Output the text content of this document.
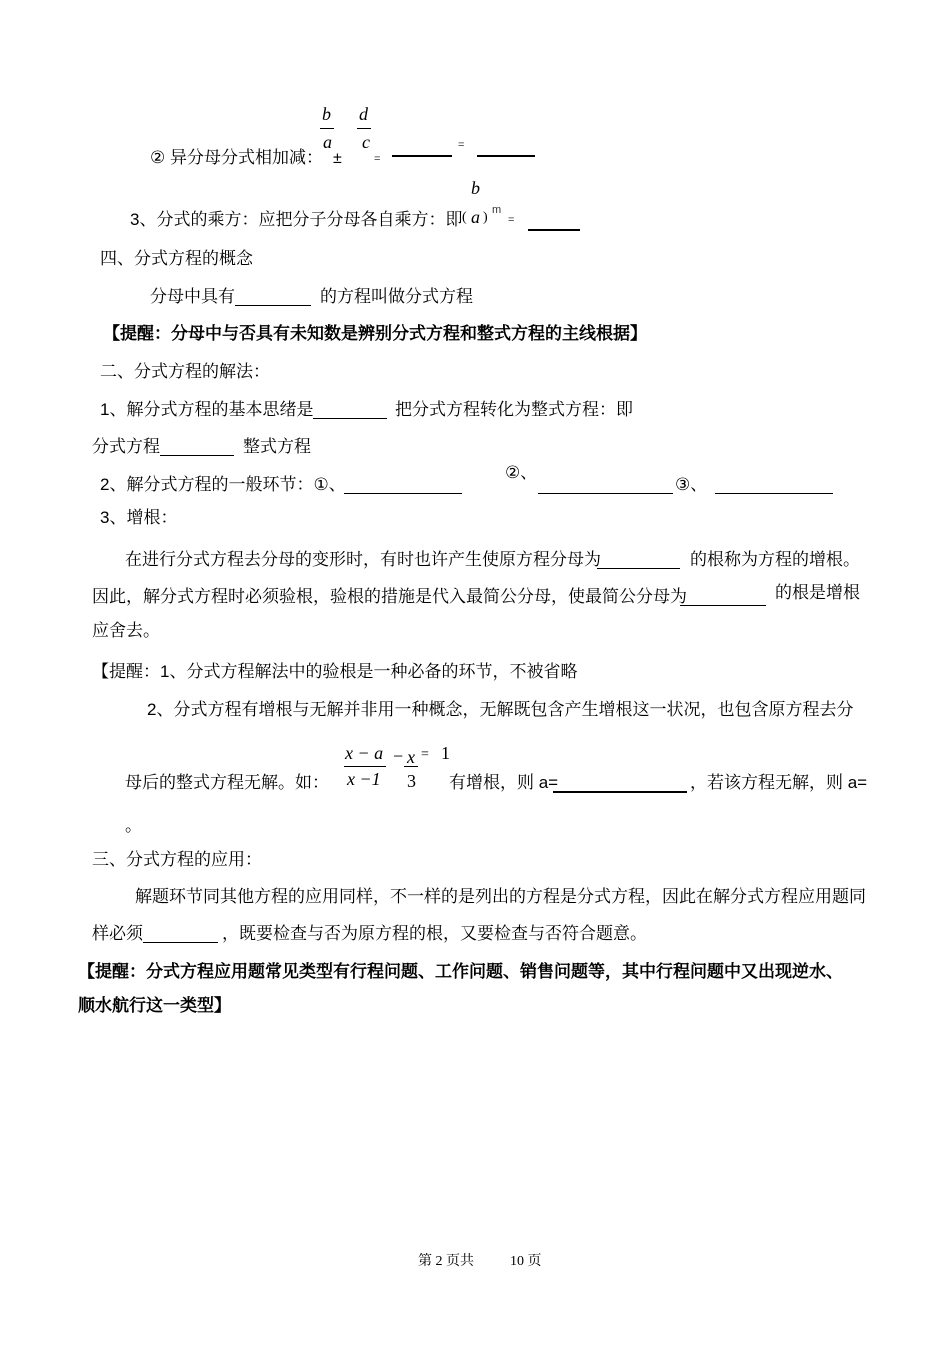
② 异分母分式相加减：
b
a
±
d
c
=
=
3、分式的乘方：应把分子分母各自乘方：即 (
b
a ) m
=
四、分式方程的概念
分母中具有	的方程叫做分式方程
【提醒：分母中与否具有未知数是辨别分式方程和整式方程的主线根据】
二、分式方程的解法：
1、解分式方程的基本思绪是	把分式方程转化为整式方程：即
分式方程	整式方程
2、解分式方程的一般环节：①、
②、
③、
3、增根：
在进行分式方程去分母的变形时，有时也许产生使原方程分母为	的根称为方程的增根。
因此，解分式方程时必须验根，验根的措施是代入最简公分母，使最简公分母为	的根是增根
应舍去。
【提醒：1、分式方程解法中的验根是一种必备的环节，不被省略
2、分式方程有增根与无解并非用一种概念，无解既包含产生增根这一状况，也包含原方程去分
x − a
x −1
− x
3
= 1
母后的整式方程无解。如：	有增根，则 a=	，若该方程无解，则 a=
。
三、分式方程的应用：
解题环节同其他方程的应用同样，不一样的是列出的方程是分式方程，因此在解分式方程应用题同
样必须	，既要检查与否为原方程的根，又要检查与否符合题意。
【提醒：分式方程应用题常见类型有行程问题、工作问题、销售问题等，其中行程问题中又出现逆水、
顺水航行这一类型】
第 2 页共	10 页
